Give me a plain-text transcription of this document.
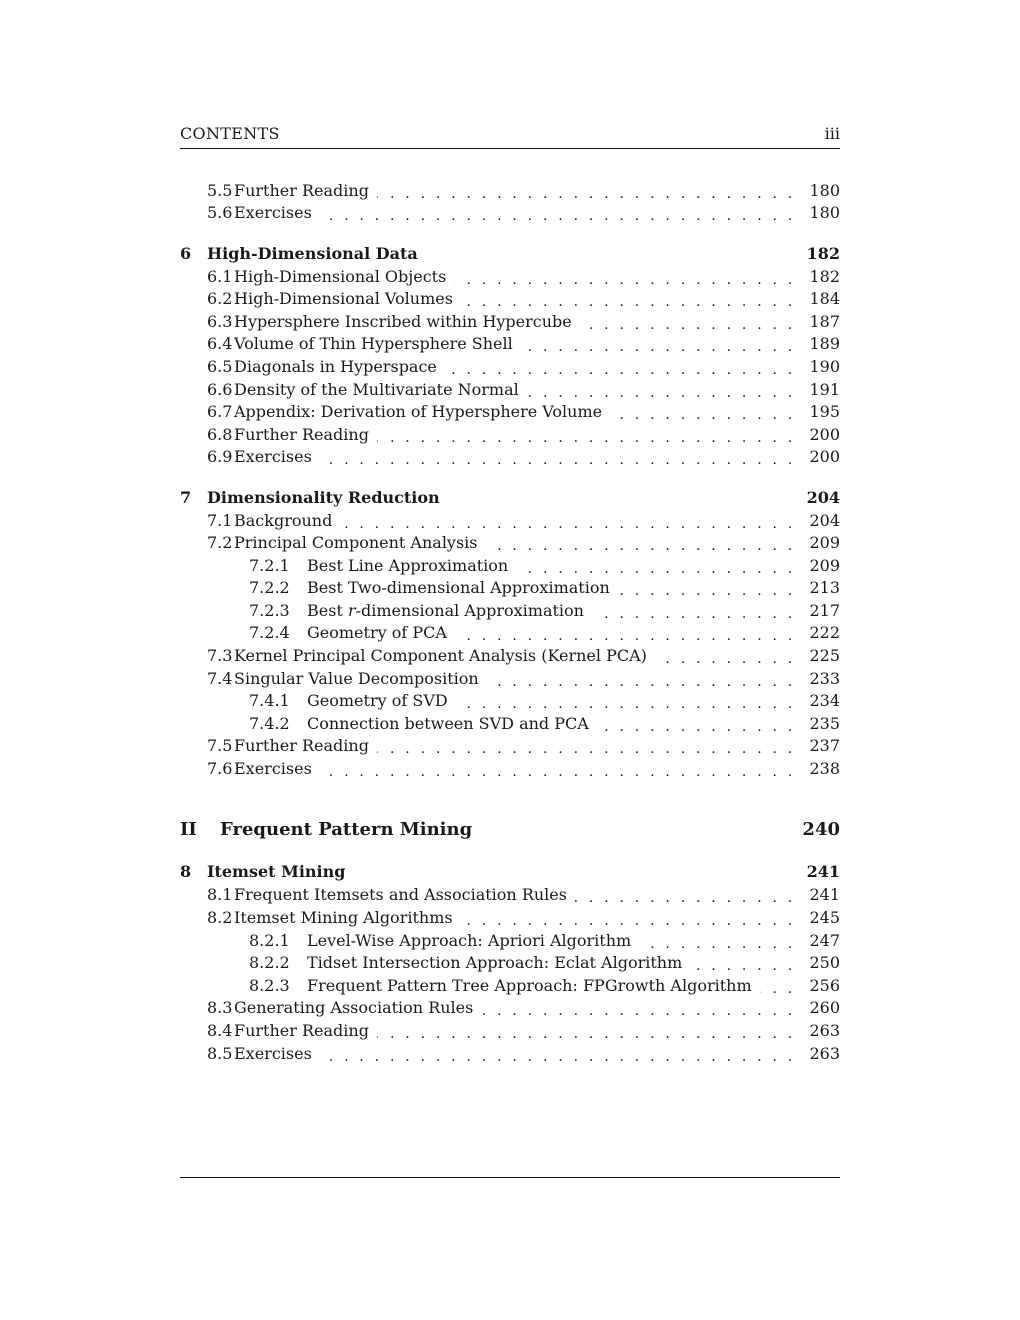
CONTENTS	iii
5.5 Further Reading . . .	180
5.6 Exercises . . .	180
6 High-Dimensional Data	182
6.1 High-Dimensional Objects . . .	182
6.2 High-Dimensional Volumes . . .	184
6.3 Hypersphere Inscribed within Hypercube . . .	187
6.4 Volume of Thin Hypersphere Shell . . .	189
6.5 Diagonals in Hyperspace . . .	190
6.6 Density of the Multivariate Normal . . .	191
6.7 Appendix: Derivation of Hypersphere Volume . . .	195
6.8 Further Reading . . .	200
6.9 Exercises . . .	200
7 Dimensionality Reduction	204
7.1 Background . . .	204
7.2 Principal Component Analysis . . .	209
7.2.1	Best Line Approximation . . .	209
7.2.2	Best Two-dimensional Approximation . . .	213
7.2.3	Best r-dimensional Approximation . . .	217
7.2.4	Geometry of PCA . . .	222
7.3 Kernel Principal Component Analysis (Kernel PCA) . . .	225
7.4 Singular Value Decomposition . . .	233
7.4.1	Geometry of SVD . . .	234
7.4.2	Connection between SVD and PCA . . .	235
7.5 Further Reading . . .	237
7.6 Exercises . . .	238
II	Frequent Pattern Mining	240
8 Itemset Mining	241
8.1 Frequent Itemsets and Association Rules . . .	241
8.2 Itemset Mining Algorithms . . .	245
8.2.1	Level-Wise Approach: Apriori Algorithm . . .	247
8.2.2	Tidset Intersection Approach: Eclat Algorithm . . .	250
8.2.3	Frequent Pattern Tree Approach: FPGrowth Algorithm . . .	256
8.3 Generating Association Rules . . .	260
8.4 Further Reading . . .	263
8.5 Exercises . . .	263
